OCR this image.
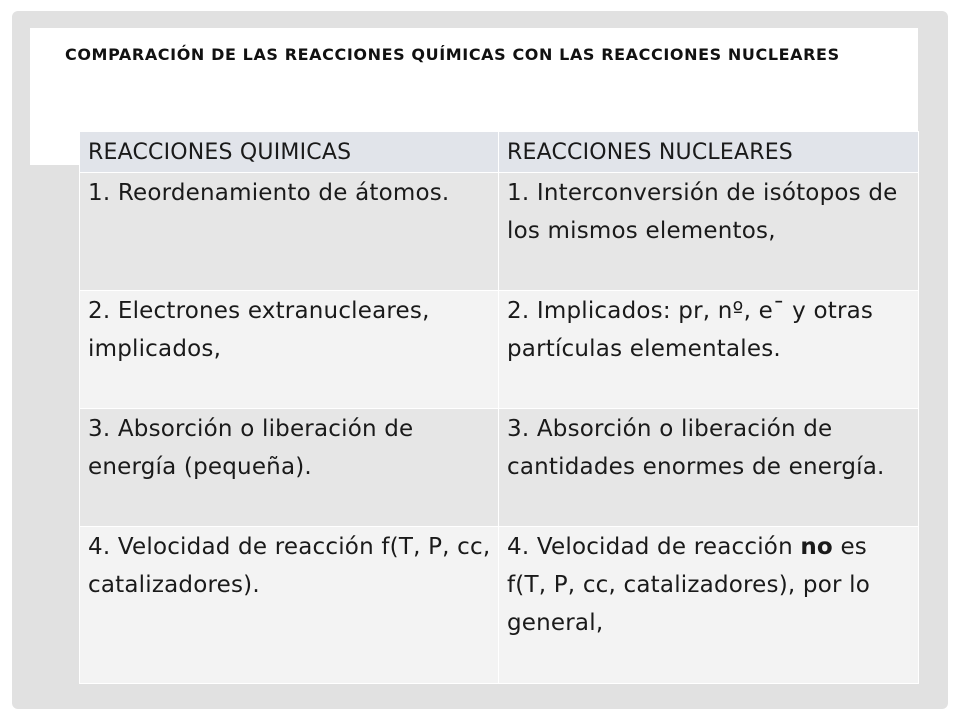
COMPARACIÓN DE LAS REACCIONES QUÍMICAS CON LAS REACCIONES NUCLEARES
REACCIONES QUIMICAS	REACCIONES NUCLEARES
1. Reordenamiento de átomos.	1. Interconversión de isótopos de los mismos elementos,
2. Electrones extranucleares, implicados,	2. Implicados: pr, nº, e¯ y otras partículas elementales.
3. Absorción o liberación de energía (pequeña).	3. Absorción o liberación de cantidades enormes de energía.
4. Velocidad de reacción f(T, P, cc, catalizadores).	4. Velocidad de reacción no es f(T, P, cc, catalizadores), por lo general,
